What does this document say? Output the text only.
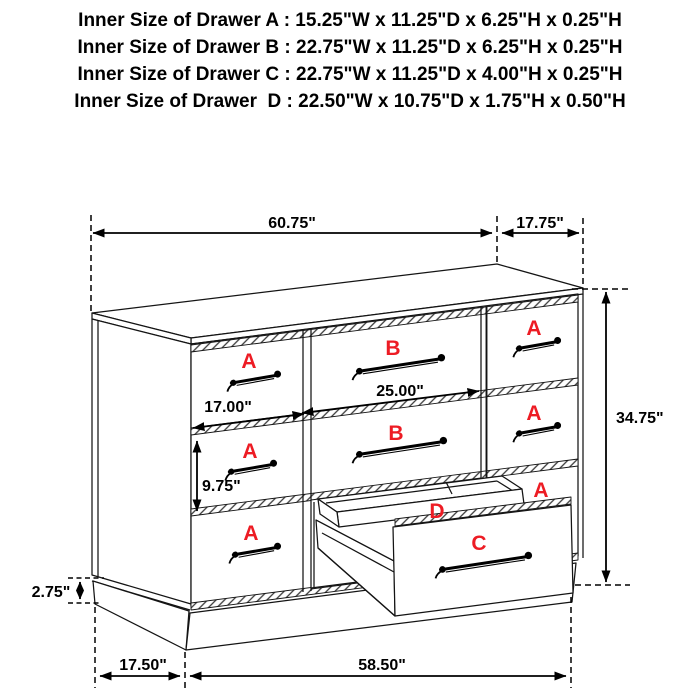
Inner Size of Drawer A : 15.25"W x 11.25"D x 6.25"H x 0.25"H
Inner Size of Drawer B : 22.75"W x 11.25"D x 6.25"H x 0.25"H
Inner Size of Drawer C : 22.75"W x 11.25"D x 4.00"H x 0.25"H
Inner Size of Drawer  D : 22.50"W x 10.75"D x 1.75"H x 0.50"H
A
A
A
A
A
A
B
B
D
C
60.75"	17.75"
34.75"
25.00"
17.00"
9.75"
2.75"
17.50"	58.50"
